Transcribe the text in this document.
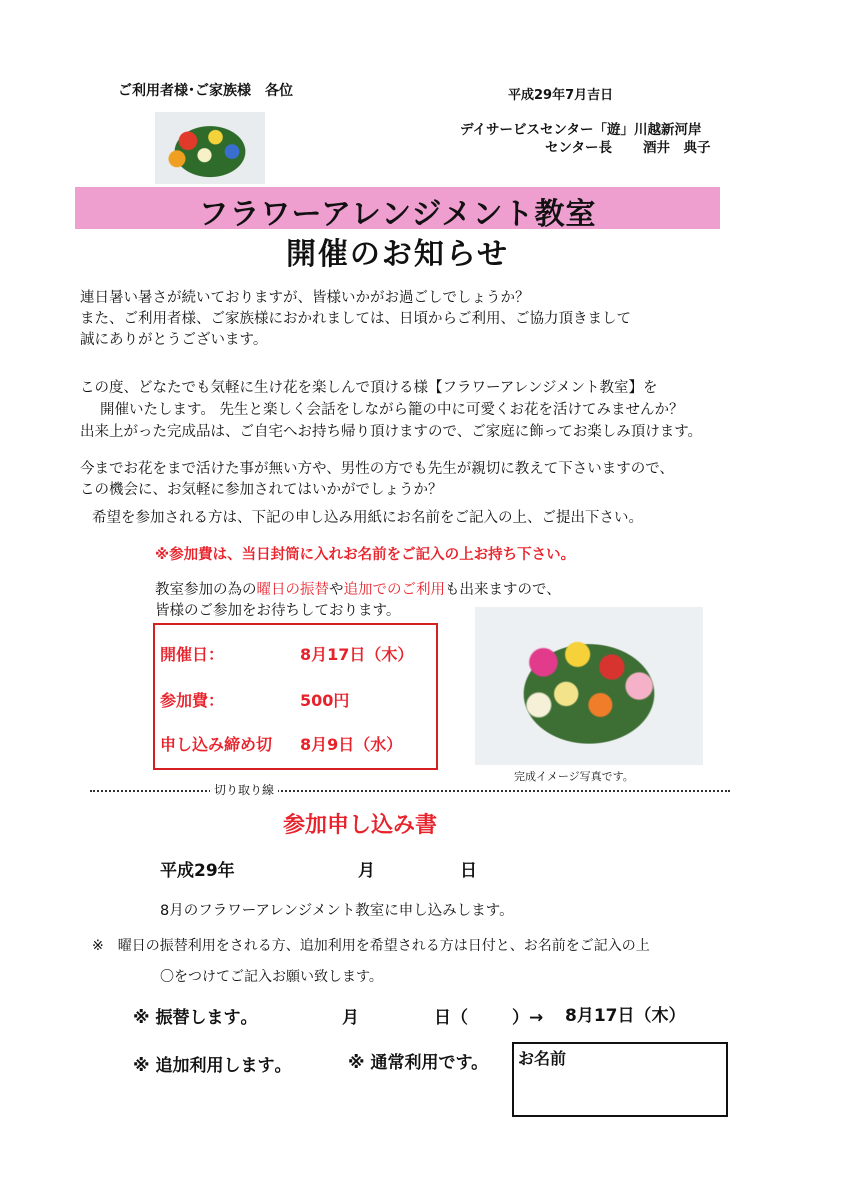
ご利用者様･ご家族様　各位	平成29年7月吉日
デイサービスセンター「遊」川越新河岸
センター長 酒井　典子
フラワーアレンジメント教室
開催のお知らせ
連日暑い暑さが続いておりますが、皆様いかがお過ごしでしょうか？
また、ご利用者様、ご家族様におかれましては、日頃からご利用、ご協力頂きまして
誠にありがとうございます。
この度、どなたでも気軽に生け花を楽しんで頂ける様【フラワーアレンジメント教室】を
開催いたします。 先生と楽しく会話をしながら籠の中に可愛くお花を活けてみませんか？
出来上がった完成品は、ご自宅へお持ち帰り頂けますので、ご家庭に飾ってお楽しみ頂けます。
今までお花をまで活けた事が無い方や、男性の方でも先生が親切に教えて下さいますので、
この機会に、お気軽に参加されてはいかがでしょうか？
希望を参加される方は、下記の申し込み用紙にお名前をご記入の上、ご提出下さい。
※参加費は、当日封筒に入れお名前をご記入の上お持ち下さい。
教室参加の為の曜日の振替や追加でのご利用も出来ますので、
皆様のご参加をお待ちしております。
開催日：	8月17日（木）
参加費：	500円
申し込み締め切 8月9日（水）
完成イメージ写真です。
切り取り線
参加申し込み書
平成29年	月	日
8月のフラワーアレンジメント教室に申し込みします。
※　曜日の振替利用をされる方、追加利用を希望される方は日付と、お名前をご記入の上
〇をつけてご記入お願い致します。
※ 振替します｡	月	日（	）→ 8月17日（木）
※ 追加利用します｡	※ 通常利用です。 お名前
